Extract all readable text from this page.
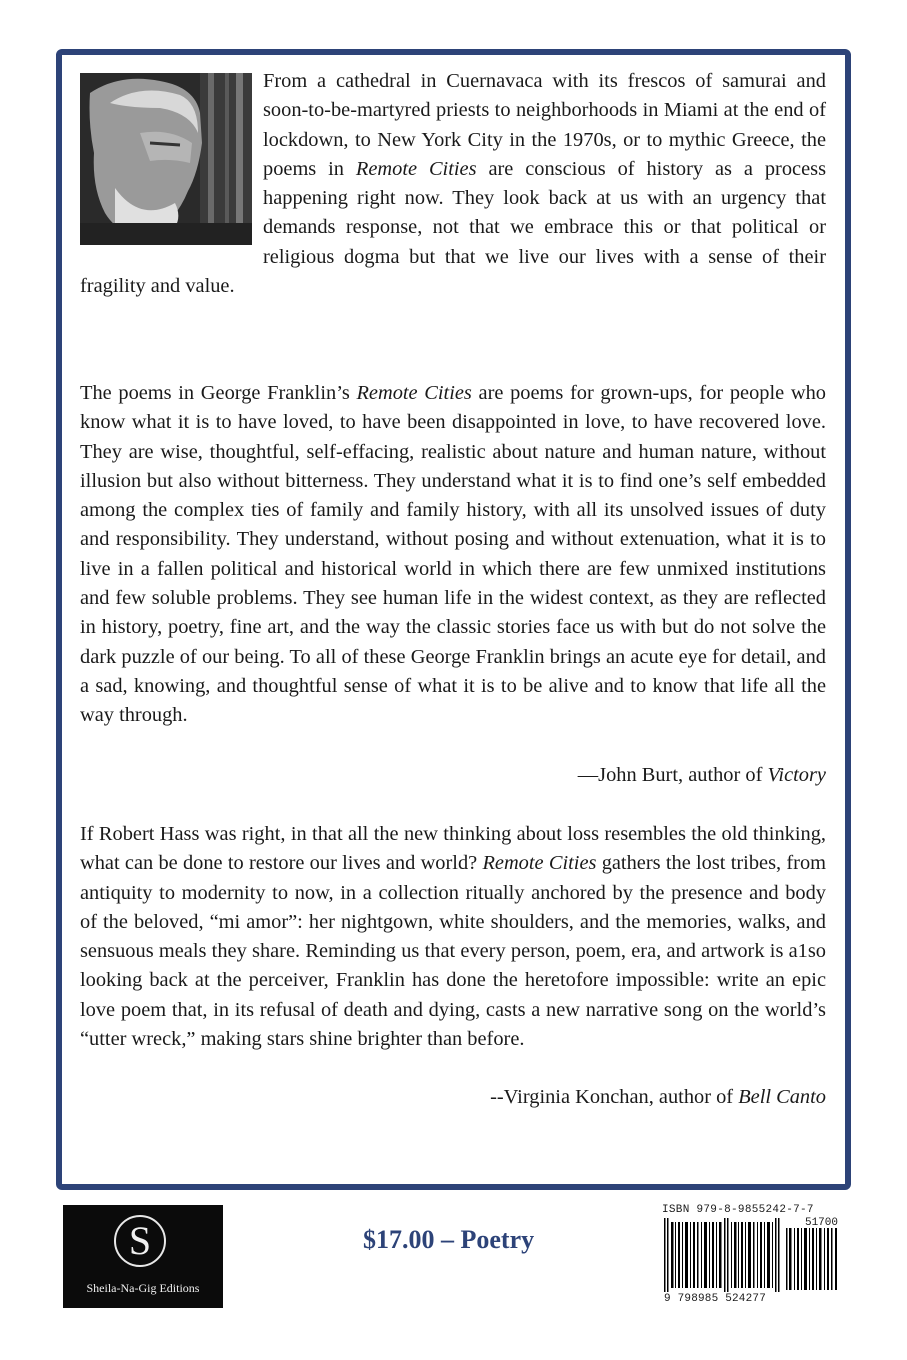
From a cathedral in Cuernavaca with its frescos of samurai and soon-to-be-martyred priests to neighborhoods in Miami at the end of lockdown, to New York City in the 1970s, or to mythic Greece, the poems in Remote Cities are conscious of history as a process happening right now. They look back at us with an urgency that demands response, not that we embrace this or that political or religious dogma but that we live our lives with a sense of their fragility and value.

The poems in George Franklin’s Remote Cities are poems for grown-ups, for people who know what it is to have loved, to have been disappointed in love, to have recovered love. They are wise, thoughtful, self-effacing, realistic about nature and human nature, without illusion but also without bitterness. They understand what it is to find one’s self embedded among the complex ties of family and family history, with all its unsolved issues of duty and responsibility. They understand, without posing and without extenuation, what it is to live in a fallen political and historical world in which there are few unmixed institutions and few soluble problems. They see human life in the widest context, as they are reflected in history, poetry, fine art, and the way the classic stories face us with but do not solve the dark puzzle of our being. To all of these George Franklin brings an acute eye for detail, and a sad, knowing, and thoughtful sense of what it is to be alive and to know that life all the way through.

—John Burt, author of Victory

If Robert Hass was right, in that all the new thinking about loss resembles the old thinking, what can be done to restore our lives and world? Remote Cities gathers the lost tribes, from antiquity to modernity to now, in a collection ritually anchored by the presence and body of the beloved, “mi amor”: her nightgown, white shoulders, and the memories, walks, and sensuous meals they share. Reminding us that every person, poem, era, and artwork is a1so looking back at the perceiver, Franklin has done the heretofore impossible: write an epic love poem that, in its refusal of death and dying, casts a new narrative song on the world’s “utter wreck,” making stars shine brighter than before.

--Virginia Konchan, author of Bell Canto
S
Sheila-Na-Gig Editions
$17.00 – Poetry
ISBN 979-8-9855242-7-7
51700
9 798985 524277
